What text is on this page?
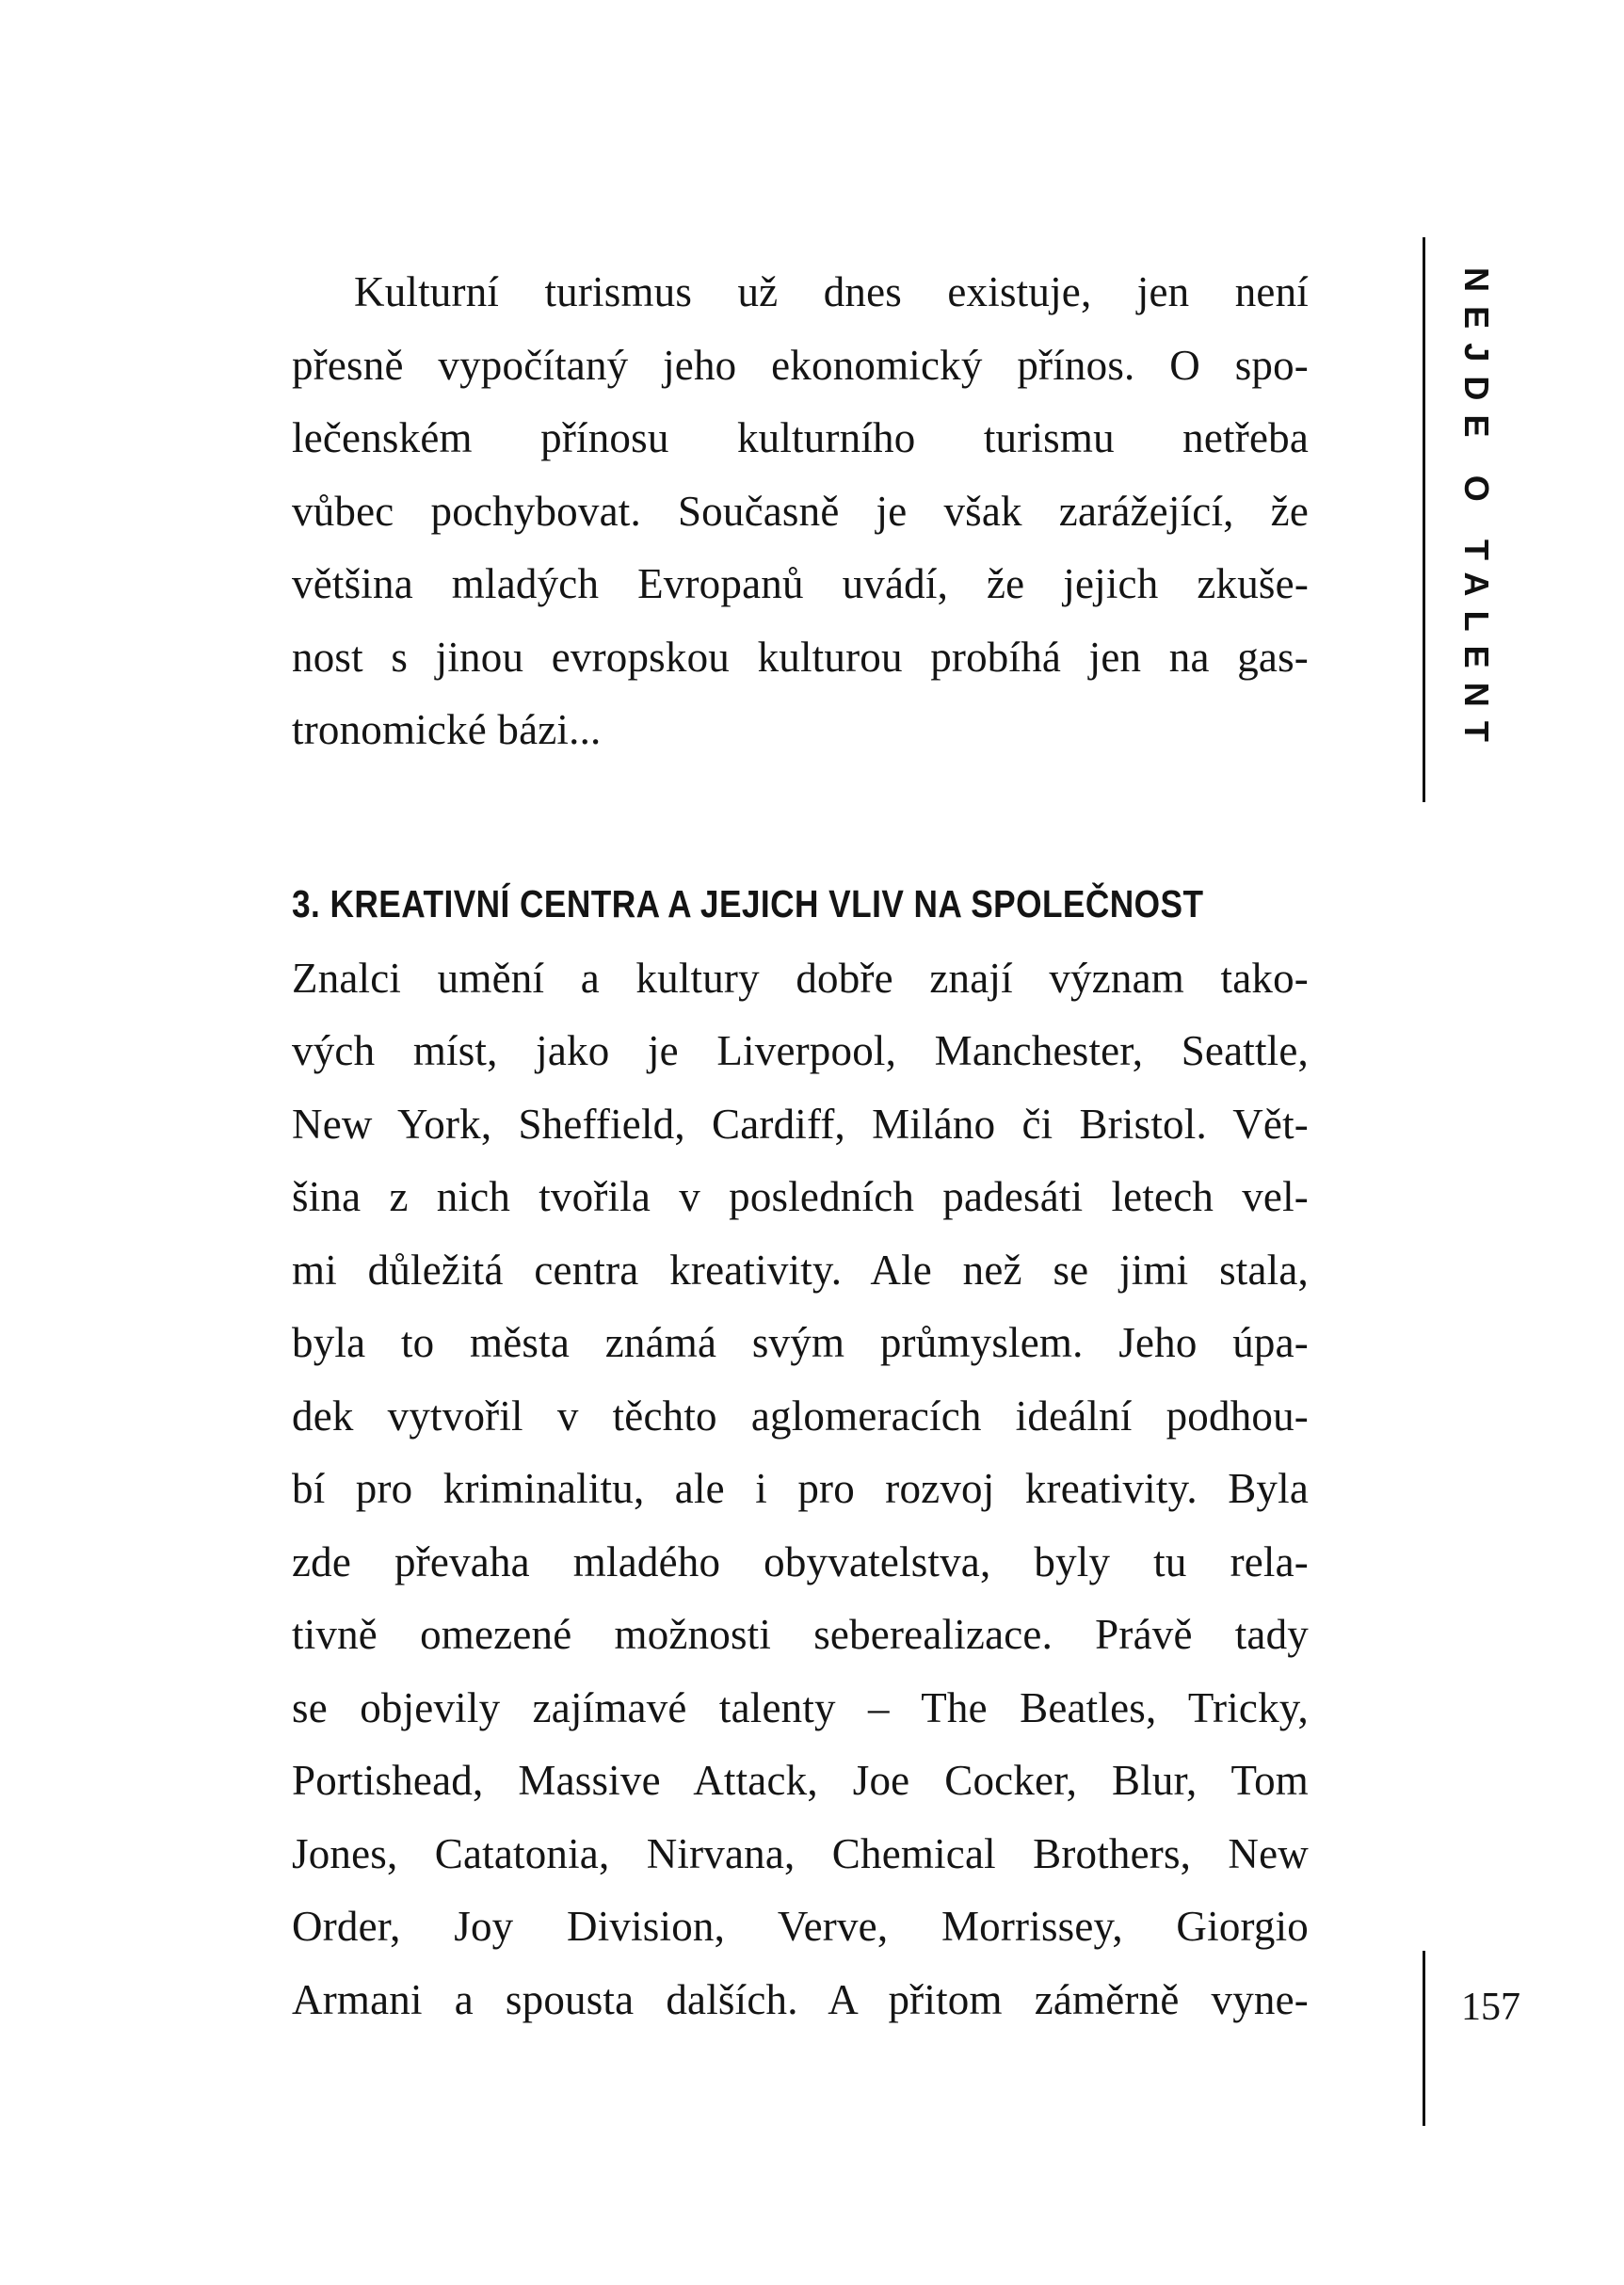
Kulturní turismus už dnes existuje, jen není
přesně vypočítaný jeho ekonomický přínos. O spo-
lečenském přínosu kulturního turismu netřeba
vůbec pochybovat. Současně je však zarážející, že
většina mladých Evropanů uvádí, že jejich zkuše-
nost s jinou evropskou kulturou probíhá jen na gas-
tronomické bázi...
3. KREATIVNÍ CENTRA A JEJICH VLIV NA SPOLEČNOST
Znalci umění a kultury dobře znají význam tako-
vých míst, jako je Liverpool, Manchester, Seattle,
New York, Sheffield, Cardiff, Miláno či Bristol. Vět-
šina z nich tvořila v posledních padesáti letech vel-
mi důležitá centra kreativity. Ale než se jimi stala,
byla to města známá svým průmyslem. Jeho úpa-
dek vytvořil v těchto aglomeracích ideální podhou-
bí pro kriminalitu, ale i pro rozvoj kreativity. Byla
zde převaha mladého obyvatelstva, byly tu rela-
tivně omezené možnosti seberealizace. Právě tady
se objevily zajímavé talenty – The Beatles, Tricky,
Portishead, Massive Attack, Joe Cocker, Blur, Tom
Jones, Catatonia, Nirvana, Chemical Brothers, New
Order, Joy Division, Verve, Morrissey, Giorgio
Armani a spousta dalších. A přitom záměrně vyne-
NEJDE O TALENT
157
